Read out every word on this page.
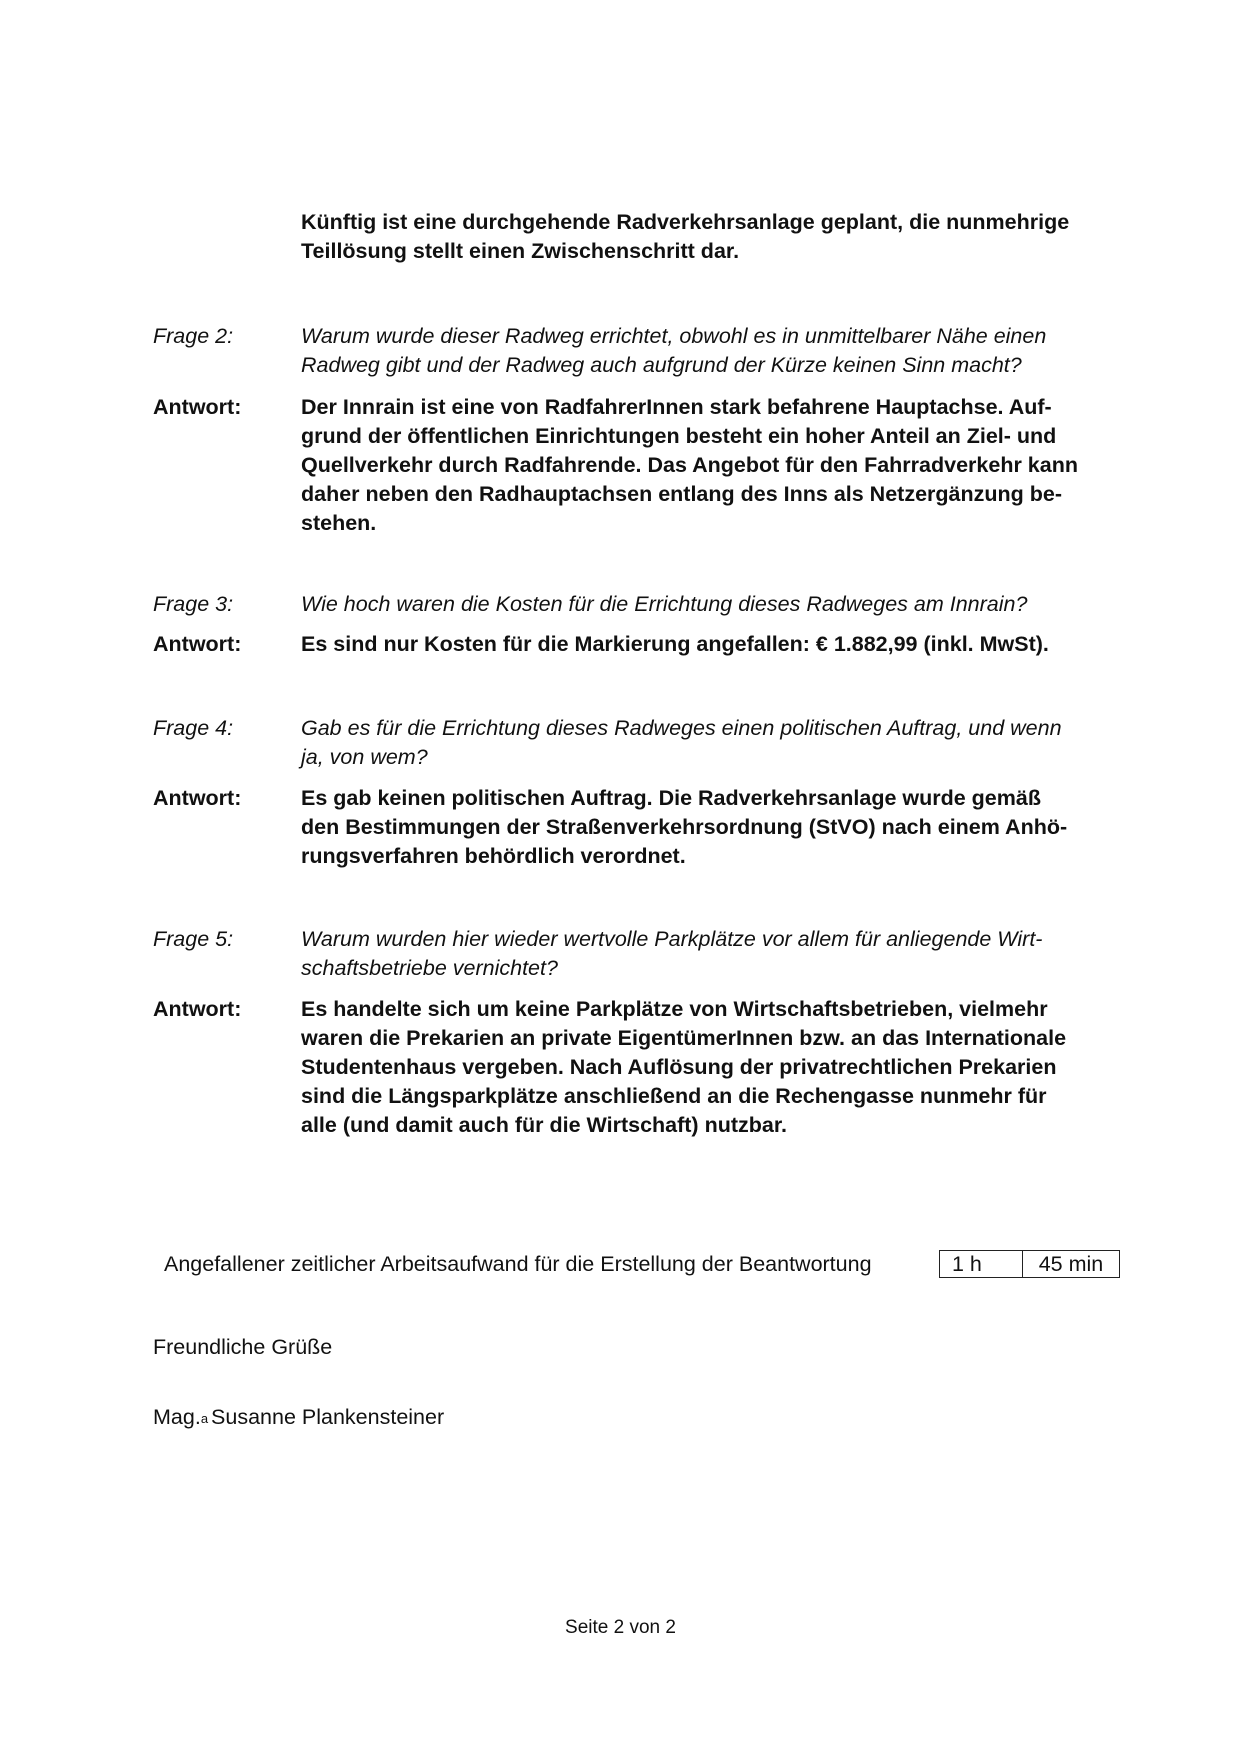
Künftig ist eine durchgehende Radverkehrsanlage geplant, die nunmehrige
Teillösung stellt einen Zwischenschritt dar.
Frage 2:	Warum wurde dieser Radweg errichtet, obwohl es in unmittelbarer Nähe einen
Radweg gibt und der Radweg auch aufgrund der Kürze keinen Sinn macht?
Antwort:	Der Innrain ist eine von RadfahrerInnen stark befahrene Hauptachse. Auf-
grund der öffentlichen Einrichtungen besteht ein hoher Anteil an Ziel- und
Quellverkehr durch Radfahrende. Das Angebot für den Fahrradverkehr kann
daher neben den Radhauptachsen entlang des Inns als Netzergänzung be-
stehen.
Frage 3:	Wie hoch waren die Kosten für die Errichtung dieses Radweges am Innrain?
Antwort:	Es sind nur Kosten für die Markierung angefallen: € 1.882,99 (inkl. MwSt).
Frage 4:	Gab es für die Errichtung dieses Radweges einen politischen Auftrag, und wenn
ja, von wem?
Antwort:	Es gab keinen politischen Auftrag. Die Radverkehrsanlage wurde gemäß
den Bestimmungen der Straßenverkehrsordnung (StVO) nach einem Anhö-
rungsverfahren behördlich verordnet.
Frage 5:	Warum wurden hier wieder wertvolle Parkplätze vor allem für anliegende Wirt-
schaftsbetriebe vernichtet?
Antwort:	Es handelte sich um keine Parkplätze von Wirtschaftsbetrieben, vielmehr
waren die Prekarien an private EigentümerInnen bzw. an das Internationale
Studentenhaus vergeben. Nach Auflösung der privatrechtlichen Prekarien
sind die Längsparkplätze anschließend an die Rechengasse nunmehr für
alle (und damit auch für die Wirtschaft) nutzbar.
Angefallener zeitlicher Arbeitsaufwand für die Erstellung der Beantwortung	1 h	45 min
Freundliche Grüße
Mag.$^a$ Susanne Plankensteiner
Seite 2 von 2
